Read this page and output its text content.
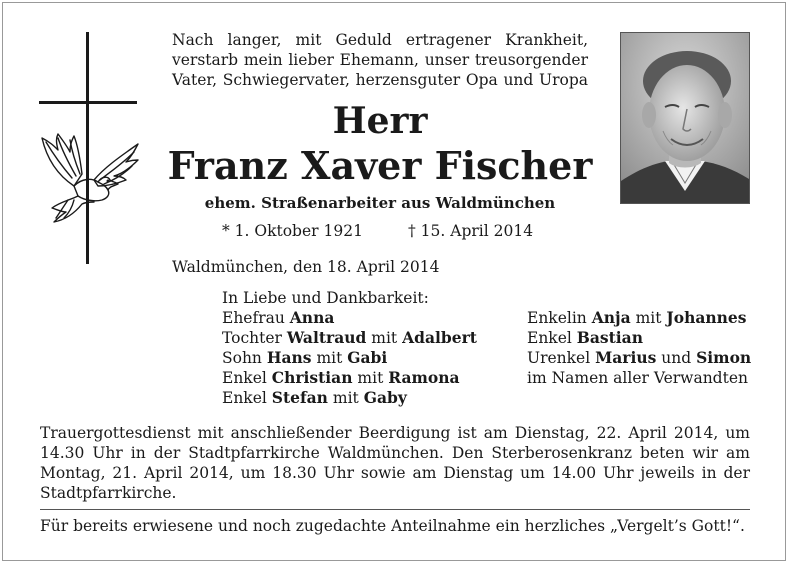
Nach langer, mit Geduld ertragener Krankheit,
verstarb mein lieber Ehemann, unser treusorgender
Vater, Schwiegervater, herzensguter Opa und Uropa
Herr
Franz Xaver Fischer
ehem. Straßenarbeiter aus Waldmünchen
* 1. Oktober 1921	† 15. April 2014
Waldmünchen, den 18. April 2014
In Liebe und Dankbarkeit:
Ehefrau Anna
Tochter Waltraud mit Adalbert
Sohn Hans mit Gabi
Enkel Christian mit Ramona
Enkel Stefan mit Gaby
Enkelin Anja mit Johannes
Enkel Bastian
Urenkel Marius und Simon
im Namen aller Verwandten
Trauergottesdienst mit anschließender Beerdigung ist am Dienstag, 22. April 2014, um 14.30 Uhr in der Stadtpfarrkirche Waldmünchen. Den Sterberosenkranz beten wir am Montag, 21. April 2014, um 18.30 Uhr sowie am Dienstag um 14.00 Uhr jeweils in der Stadtpfarrkirche.
Für bereits erwiesene und noch zugedachte Anteilnahme ein herzliches „Vergelt’s Gott!“.
